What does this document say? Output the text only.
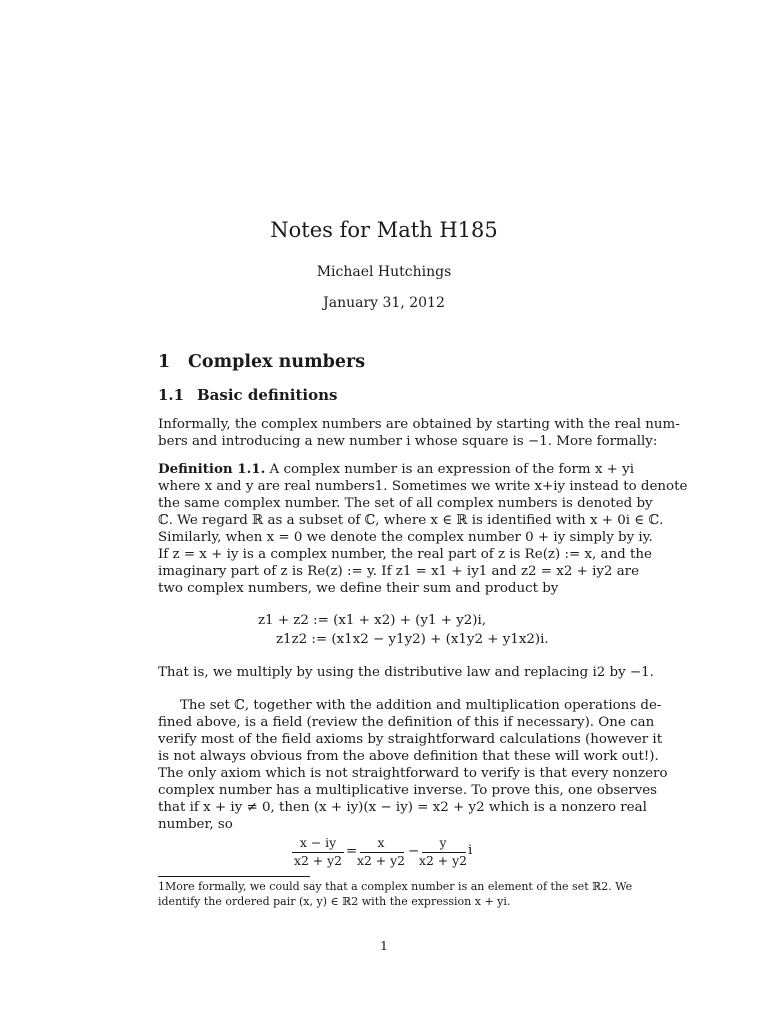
Notes for Math H185
Michael Hutchings
January 31, 2012
1 Complex numbers
1.1 Basic definitions
Informally, the complex numbers are obtained by starting with the real num-
bers and introducing a new number i whose square is −1. More formally:
Definition 1.1. A complex number is an expression of the form x + yi
where x and y are real numbers1. Sometimes we write x+iy instead to denote
the same complex number. The set of all complex numbers is denoted by
ℂ. We regard ℝ as a subset of ℂ, where x ∈ ℝ is identified with x + 0i ∈ ℂ.
Similarly, when x = 0 we denote the complex number 0 + iy simply by iy.
If z = x + iy is a complex number, the real part of z is Re(z) := x, and the
imaginary part of z is Re(z) := y. If z1 = x1 + iy1 and z2 = x2 + iy2 are
two complex numbers, we define their sum and product by
z1 + z2 := (x1 + x2) + (y1 + y2)i,
z1z2 := (x1x2 − y1y2) + (x1y2 + y1x2)i.
That is, we multiply by using the distributive law and replacing i2 by −1.
The set ℂ, together with the addition and multiplication operations de-
fined above, is a field (review the definition of this if necessary). One can
verify most of the field axioms by straightforward calculations (however it
is not always obvious from the above definition that these will work out!).
The only axiom which is not straightforward to verify is that every nonzero
complex number has a multiplicative inverse. To prove this, one observes
that if x + iy ≠ 0, then (x + iy)(x − iy) = x2 + y2 which is a nonzero real
number, so
x − iy
x2 + y2
=
x
x2 + y2
−
y
x2 + y2
i
1More formally, we could say that a complex number is an element of the set ℝ2. We
identify the ordered pair (x, y) ∈ ℝ2 with the expression x + yi.
1
